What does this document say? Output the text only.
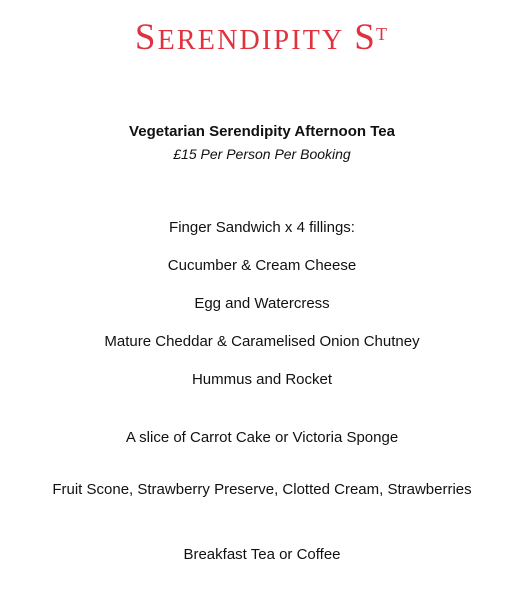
SERENDIPITY $S^T$
Vegetarian Serendipity Afternoon Tea
£15 Per Person Per Booking
Finger Sandwich x 4 fillings:
Cucumber & Cream Cheese
Egg and Watercress
Mature Cheddar & Caramelised Onion Chutney
Hummus and Rocket
A slice of Carrot Cake or Victoria Sponge
Fruit Scone, Strawberry Preserve, Clotted Cream, Strawberries
Breakfast Tea or Coffee
